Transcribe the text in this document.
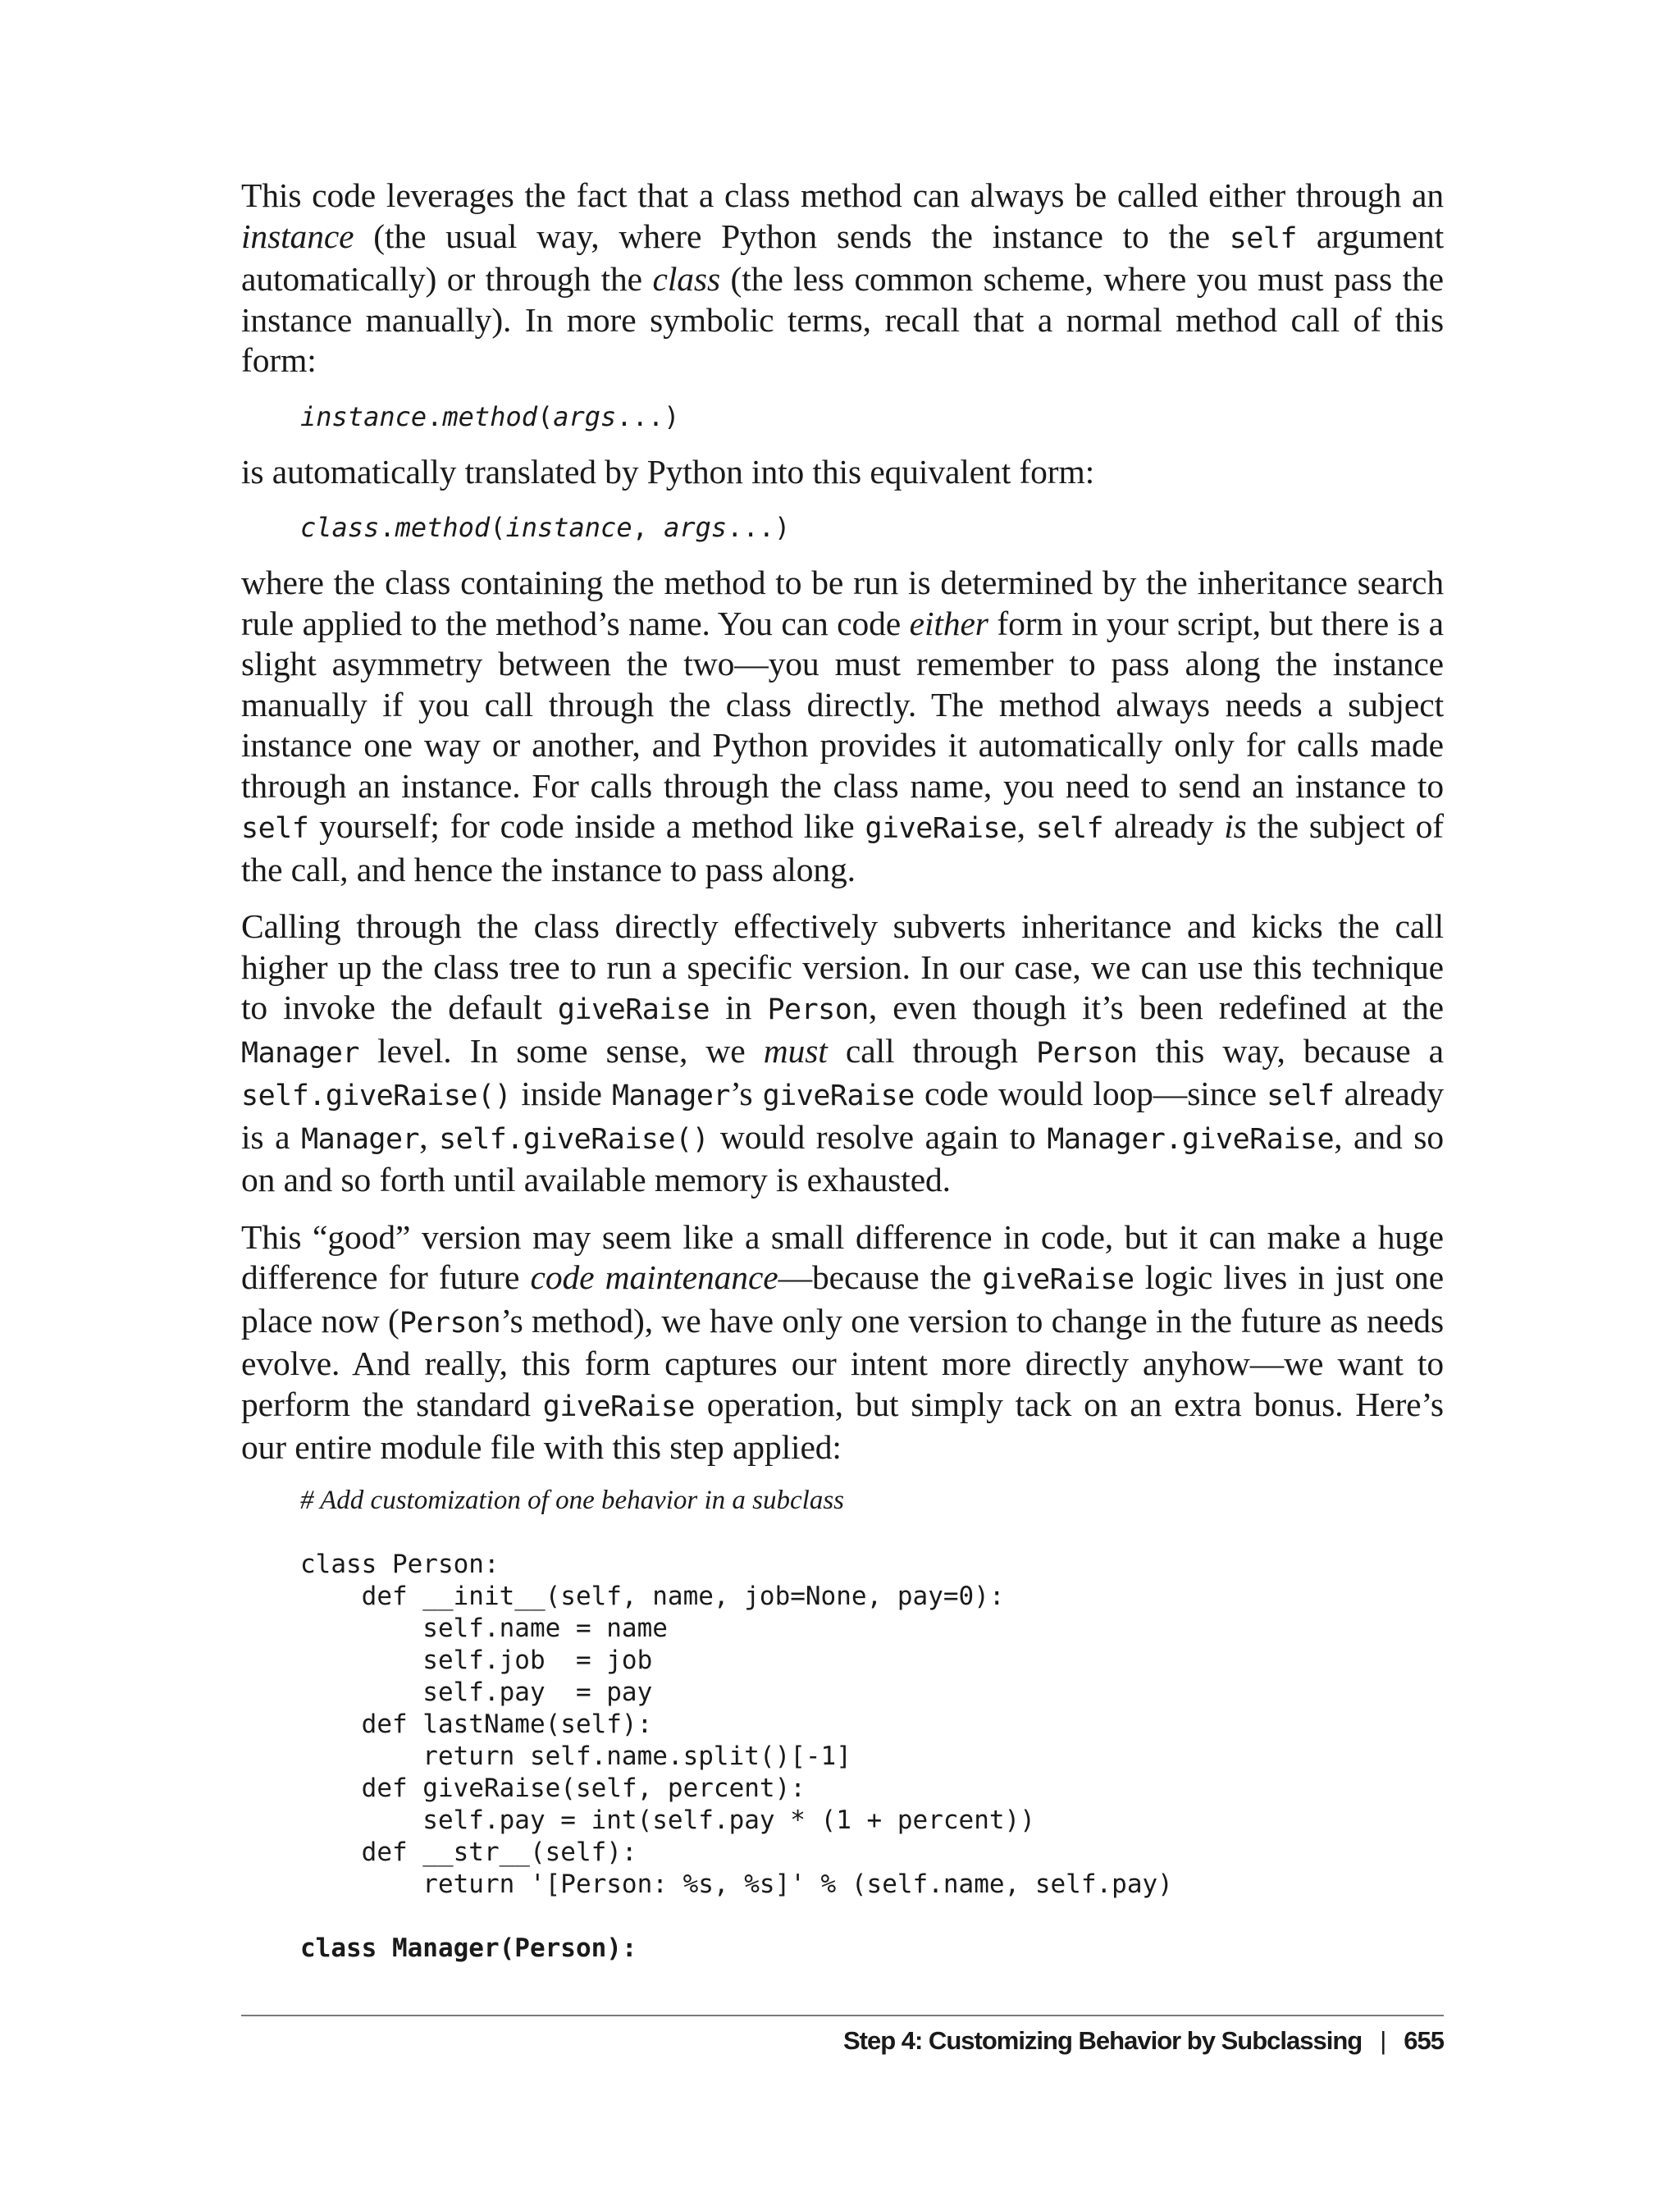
This code leverages the fact that a class method can always be called either through an instance (the usual way, where Python sends the instance to the self argument automatically) or through the class (the less common scheme, where you must pass the instance manually). In more symbolic terms, recall that a normal method call of this form:

instance.method(args...)

is automatically translated by Python into this equivalent form:

class.method(instance, args...)

where the class containing the method to be run is determined by the inheritance search rule applied to the method’s name. You can code either form in your script, but there is a slight asymmetry between the two—you must remember to pass along the instance manually if you call through the class directly. The method always needs a subject instance one way or another, and Python provides it automatically only for calls made through an instance. For calls through the class name, you need to send an instance to self yourself; for code inside a method like giveRaise, self already is the subject of the call, and hence the instance to pass along.

Calling through the class directly effectively subverts inheritance and kicks the call higher up the class tree to run a specific version. In our case, we can use this technique to invoke the default giveRaise in Person, even though it’s been redefined at the Manager level. In some sense, we must call through Person this way, because a self.giveRaise() inside Manager’s giveRaise code would loop—since self already is a Manager, self.giveRaise() would resolve again to Manager.giveRaise, and so on and so forth until available memory is exhausted.

This “good” version may seem like a small difference in code, but it can make a huge difference for future code maintenance—because the giveRaise logic lives in just one place now (Person’s method), we have only one version to change in the future as needs evolve. And really, this form captures our intent more directly anyhow—we want to perform the standard giveRaise operation, but simply tack on an extra bonus. Here’s our entire module file with this step applied:

# Add customization of one behavior in a subclass

class Person:
def __init__(self, name, job=None, pay=0):
self.name = name
self.job  = job
self.pay  = pay
def lastName(self):
return self.name.split()[-1]
def giveRaise(self, percent):
self.pay = int(self.pay * (1 + percent))
def __str__(self):
return '[Person: %s, %s]' % (self.name, self.pay)

class Manager(Person):
Step 4: Customizing Behavior by Subclassing | 655
